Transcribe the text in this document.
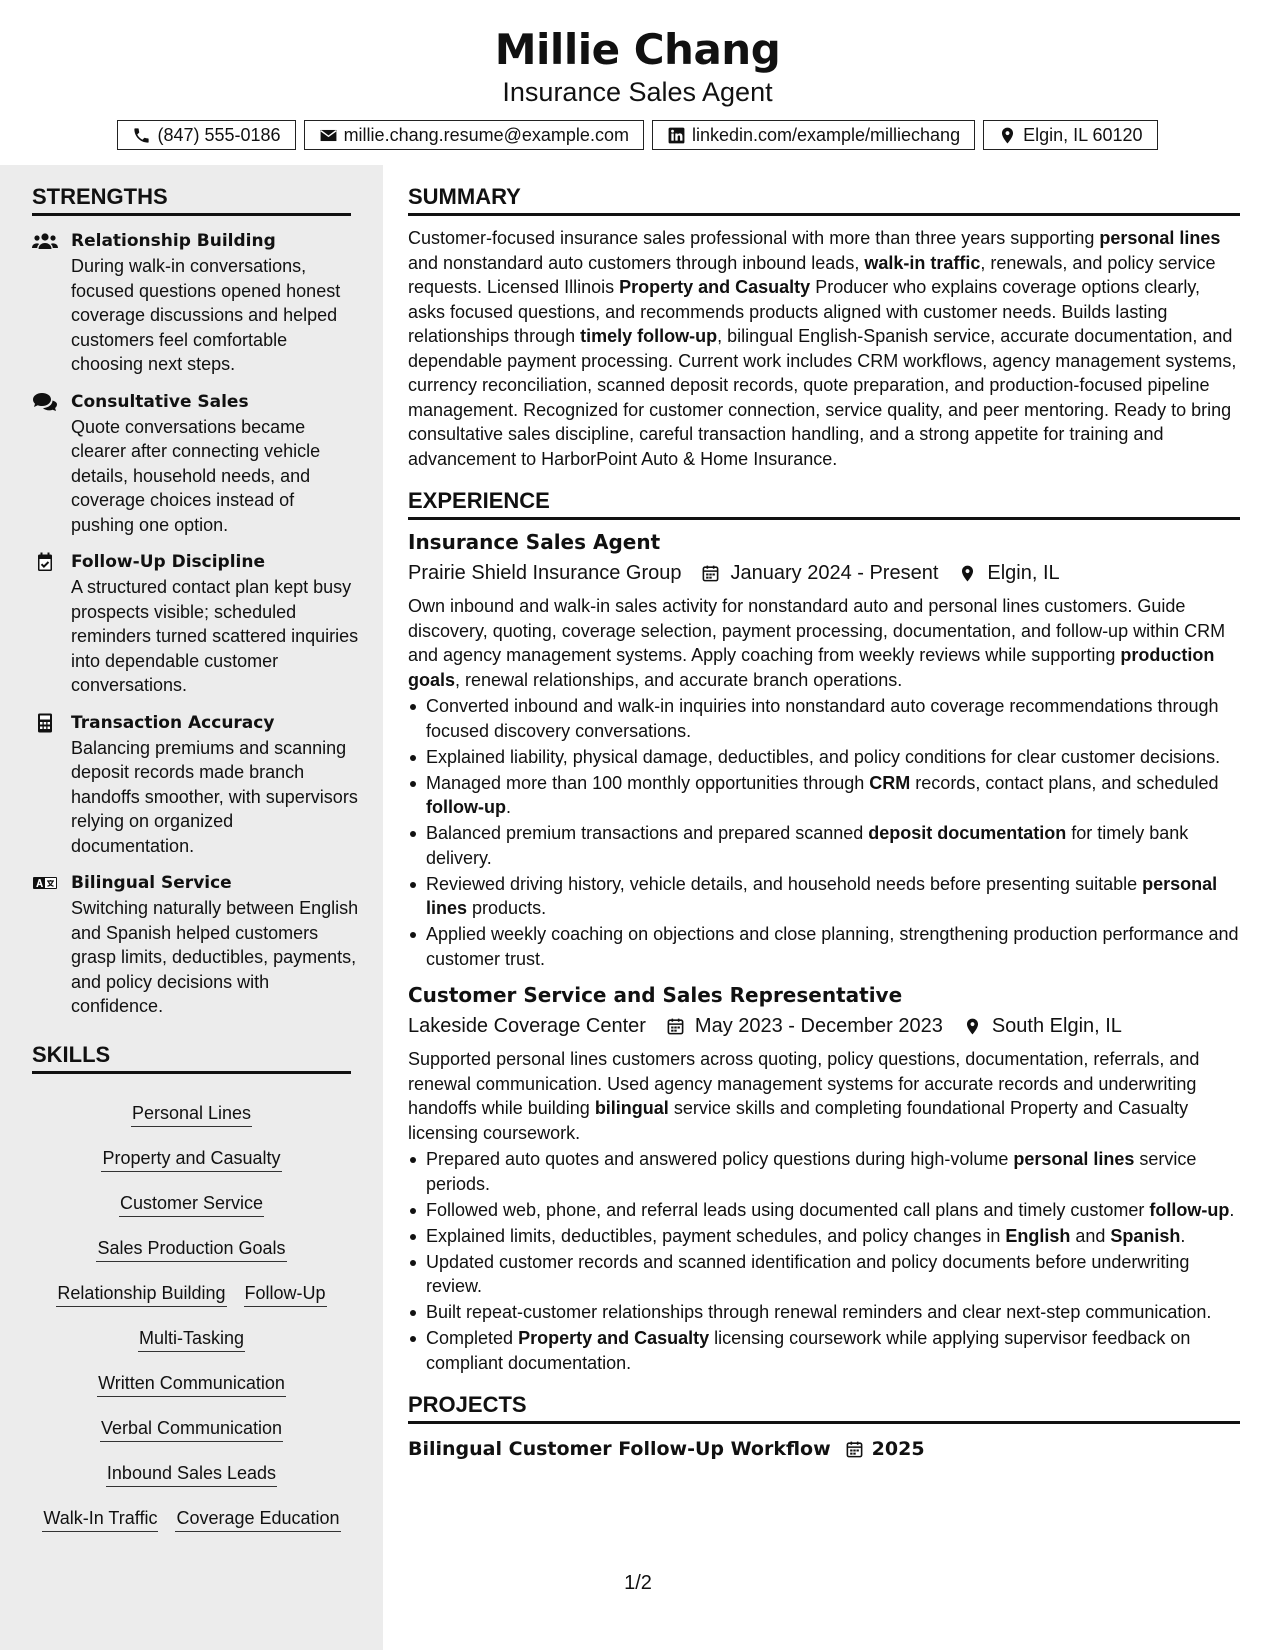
Millie Chang
Insurance Sales Agent
(847) 555-0186	millie.chang.resume@example.com	linkedin.com/example/milliechang	Elgin, IL 60120
STRENGTHS
Relationship Building
During walk-in conversations, focused questions opened honest coverage discussions and helped customers feel comfortable choosing next steps.
Consultative Sales
Quote conversations became clearer after connecting vehicle details, household needs, and coverage choices instead of pushing one option.
Follow-Up Discipline
A structured contact plan kept busy prospects visible; scheduled reminders turned scattered inquiries into dependable customer conversations.
Transaction Accuracy
Balancing premiums and scanning deposit records made branch handoffs smoother, with supervisors relying on organized documentation.
Bilingual Service
Switching naturally between English and Spanish helped customers grasp limits, deductibles, payments, and policy decisions with confidence.
SKILLS
Personal Lines
Property and Casualty
Customer Service
Sales Production Goals
Relationship Building Follow-Up
Multi-Tasking
Written Communication
Verbal Communication
Inbound Sales Leads
Walk-In Traffic Coverage Education
SUMMARY
Customer-focused insurance sales professional with more than three years supporting personal lines and nonstandard auto customers through inbound leads, walk-in traffic, renewals, and policy service requests. Licensed Illinois Property and Casualty Producer who explains coverage options clearly, asks focused questions, and recommends products aligned with customer needs. Builds lasting relationships through timely follow-up, bilingual English-Spanish service, accurate documentation, and dependable payment processing. Current work includes CRM workflows, agency management systems, currency reconciliation, scanned deposit records, quote preparation, and production-focused pipeline management. Recognized for customer connection, service quality, and peer mentoring. Ready to bring consultative sales discipline, careful transaction handling, and a strong appetite for training and advancement to HarborPoint Auto & Home Insurance.
EXPERIENCE
Insurance Sales Agent
Prairie Shield Insurance Group January 2024 - Present Elgin, IL
Own inbound and walk-in sales activity for nonstandard auto and personal lines customers. Guide discovery, quoting, coverage selection, payment processing, documentation, and follow-up within CRM and agency management systems. Apply coaching from weekly reviews while supporting production goals, renewal relationships, and accurate branch operations.
Converted inbound and walk-in inquiries into nonstandard auto coverage recommendations through focused discovery conversations.
Explained liability, physical damage, deductibles, and policy conditions for clear customer decisions.
Managed more than 100 monthly opportunities through CRM records, contact plans, and scheduled follow-up.
Balanced premium transactions and prepared scanned deposit documentation for timely bank delivery.
Reviewed driving history, vehicle details, and household needs before presenting suitable personal lines products.
Applied weekly coaching on objections and close planning, strengthening production performance and customer trust.
Customer Service and Sales Representative
Lakeside Coverage Center May 2023 - December 2023 South Elgin, IL
Supported personal lines customers across quoting, policy questions, documentation, referrals, and renewal communication. Used agency management systems for accurate records and underwriting handoffs while building bilingual service skills and completing foundational Property and Casualty licensing coursework.
Prepared auto quotes and answered policy questions during high-volume personal lines service periods.
Followed web, phone, and referral leads using documented call plans and timely customer follow-up.
Explained limits, deductibles, payment schedules, and policy changes in English and Spanish.
Updated customer records and scanned identification and policy documents before underwriting review.
Built repeat-customer relationships through renewal reminders and clear next-step communication.
Completed Property and Casualty licensing coursework while applying supervisor feedback on compliant documentation.
PROJECTS
Bilingual Customer Follow-Up Workflow 2025
1/2
